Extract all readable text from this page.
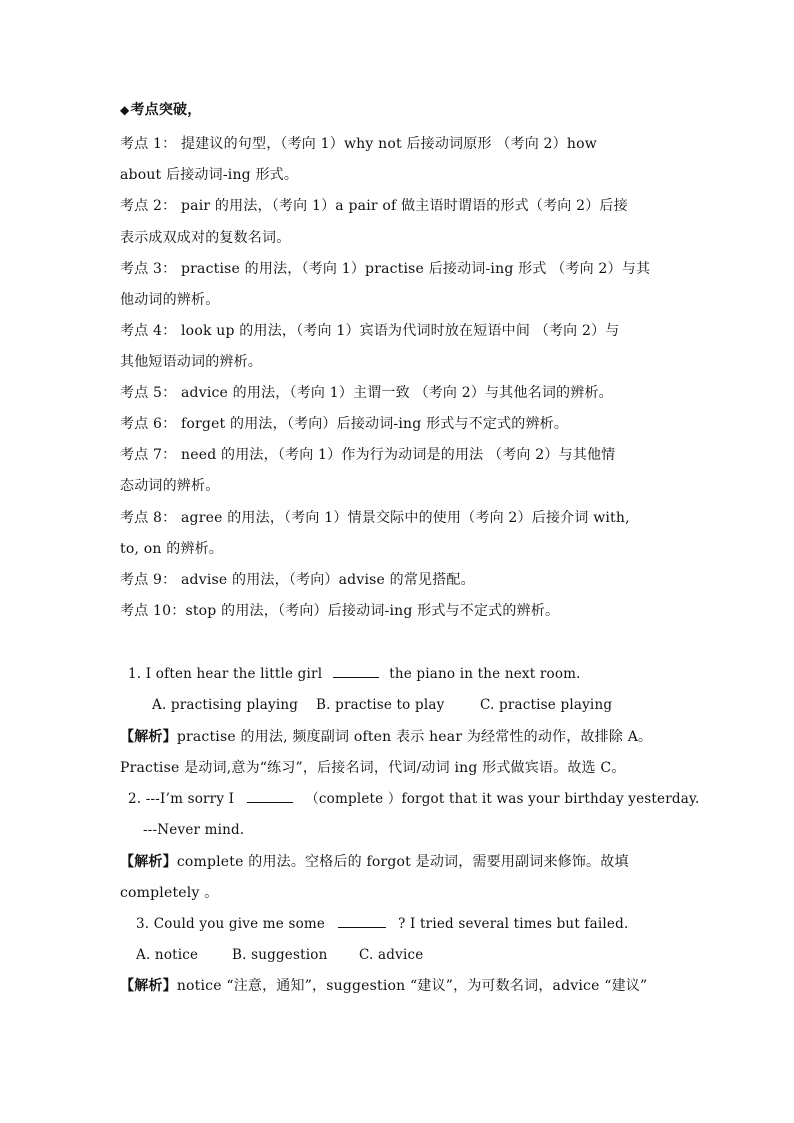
◆考点突破，
考点 1： 提建议的句型，（考向 1）why not 后接动词原形 （考向 2）how
about 后接动词-ing 形式。
考点 2： pair 的用法，（考向 1）a pair of 做主语时谓语的形式（考向 2）后接
表示成双成对的复数名词。
考点 3： practise 的用法，（考向 1）practise 后接动词-ing 形式 （考向 2）与其
他动词的辨析。
考点 4： look up 的用法，（考向 1）宾语为代词时放在短语中间 （考向 2）与
其他短语动词的辨析。
考点 5： advice 的用法，（考向 1）主谓一致 （考向 2）与其他名词的辨析。
考点 6： forget 的用法，（考向）后接动词-ing 形式与不定式的辨析。
考点 7： need 的用法，（考向 1）作为行为动词是的用法 （考向 2）与其他情
态动词的辨析。
考点 8： agree 的用法，（考向 1）情景交际中的使用（考向 2）后接介词 with,
to, on 的辨析。
考点 9： advise 的用法，（考向）advise 的常见搭配。
考点 10：stop 的用法，（考向）后接动词-ing 形式与不定式的辨析。
1. I often hear the little girl	the piano in the next room.
A. practising playing B. practise to play	C. practise playing
【解析】practise 的用法, 频度副词 often 表示 hear 为经常性的动作，故排除 A。
Practise 是动词,意为“练习”，后接名词，代词/动词 ing 形式做宾语。故选 C。
2. ---I’m sorry I	（complete ）forgot that it was your birthday yesterday.
---Never mind.
【解析】complete 的用法。空格后的 forgot 是动词，需要用副词来修饰。故填
completely 。
3. Could you give me some	? I tried several times but failed.
A. notice	B. suggestion C. advice
【解析】notice “注意，通知”，suggestion “建议”，为可数名词，advice “建议”
